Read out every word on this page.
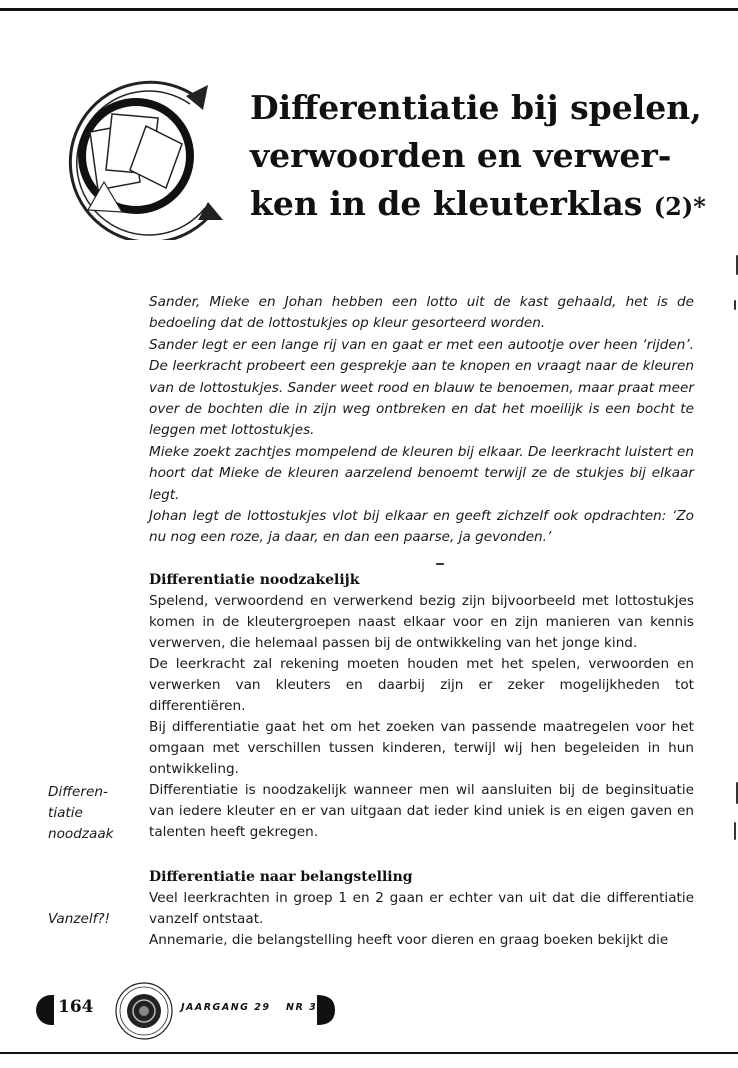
Differentiatie bij spelen,
verwoorden en verwer-
ken in de kleuterklas (2)*

Sander, Mieke en Johan hebben een lotto uit de kast gehaald, het is de bedoeling dat de lottostukjes op kleur gesorteerd worden.

Sander legt er een lange rij van en gaat er met een autootje over heen ‘rijden’. De leerkracht probeert een gesprekje aan te knopen en vraagt naar de kleuren van de lottostukjes. Sander weet rood en blauw te benoemen, maar praat meer over de bochten die in zijn weg ontbreken en dat het moeilijk is een bocht te leggen met lottostukjes.

Mieke zoekt zachtjes mompelend de kleuren bij elkaar. De leerkracht luistert en hoort dat Mieke de kleuren aarzelend benoemt terwijl ze de stukjes bij elkaar legt.

Johan legt de lottostukjes vlot bij elkaar en geeft zichzelf ook opdrachten: ‘Zo nu nog een roze, ja daar, en dan een paarse, ja gevonden.’

Differentiatie noodzakelijk

Spelend, verwoordend en verwerkend bezig zijn bijvoorbeeld met lottostukjes komen in de kleutergroepen naast elkaar voor en zijn manieren van kennis verwerven, die helemaal passen bij de ontwikkeling van het jonge kind.

De leerkracht zal rekening moeten houden met het spelen, verwoorden en verwerken van kleuters en daarbij zijn er zeker mogelijkheden tot differentiëren.

Bij differentiatie gaat het om het zoeken van passende maatregelen voor het omgaan met verschillen tussen kinderen, terwijl wij hen begeleiden in hun ontwikkeling.

Differentiatie is noodzakelijk wanneer men wil aansluiten bij de beginsituatie van iedere kleuter en er van uitgaan dat ieder kind uniek is en eigen gaven en talenten heeft gekregen.

Differentiatie naar belangstelling

Veel leerkrachten in groep 1 en 2 gaan er echter van uit dat die differentiatie vanzelf ontstaat.

Annemarie, die belangstelling heeft voor dieren en graag boeken bekijkt die

Differen-
tiatie
noodzaak
Vanzelf?!
164	JAARGANG 29 NR 3
